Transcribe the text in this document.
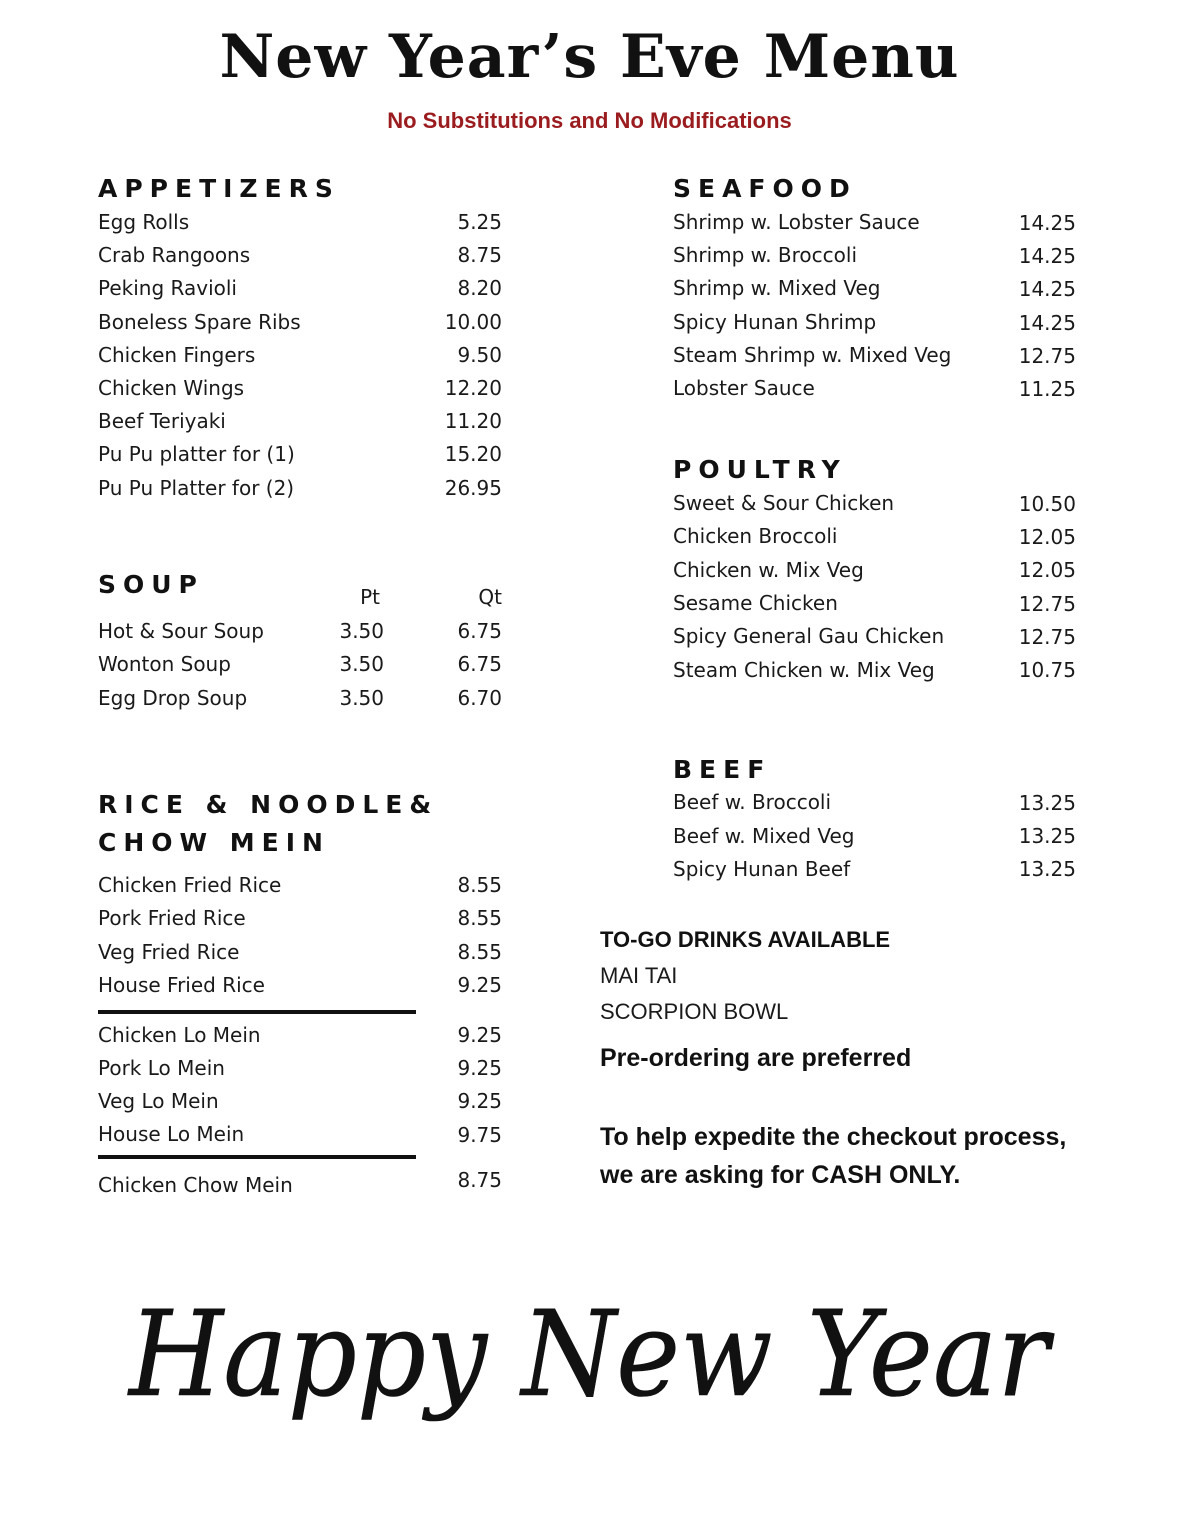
New Year’s Eve Menu
No Substitutions and No Modifications
APPETIZERS
Egg Rolls	5.25
Crab Rangoons	8.75
Peking Ravioli	8.20
Boneless Spare Ribs	10.00
Chicken Fingers	9.50
Chicken Wings	12.20
Beef Teriyaki	11.20
Pu Pu platter for (1)	15.20
Pu Pu Platter for (2)	26.95
SOUP	Pt	Qt
Hot & Sour Soup	3.50	6.75
Wonton Soup	3.50	6.75
Egg Drop Soup	3.50	6.70
RICE & NOODLE&
CHOW MEIN
Chicken Fried Rice	8.55
Pork Fried Rice	8.55
Veg Fried Rice	8.55
House Fried Rice	9.25
Chicken Lo Mein	9.25
Pork Lo Mein	9.25
Veg Lo Mein	9.25
House Lo Mein	9.75
Chicken Chow Mein	8.75
SEAFOOD
Shrimp w. Lobster Sauce	14.25
Shrimp w. Broccoli	14.25
Shrimp w. Mixed Veg	14.25
Spicy Hunan Shrimp	14.25
Steam Shrimp w. Mixed Veg	12.75
Lobster Sauce	11.25
POULTRY
Sweet & Sour Chicken	10.50
Chicken Broccoli	12.05
Chicken w. Mix Veg	12.05
Sesame Chicken	12.75
Spicy General Gau Chicken	12.75
Steam Chicken w. Mix Veg	10.75
BEEF
Beef w. Broccoli	13.25
Beef w. Mixed Veg	13.25
Spicy Hunan Beef	13.25
TO-GO DRINKS AVAILABLE
MAI TAI
SCORPION BOWL
Pre-ordering are preferred
To help expedite the checkout process,
we are asking for CASH ONLY.
Happy New Year
